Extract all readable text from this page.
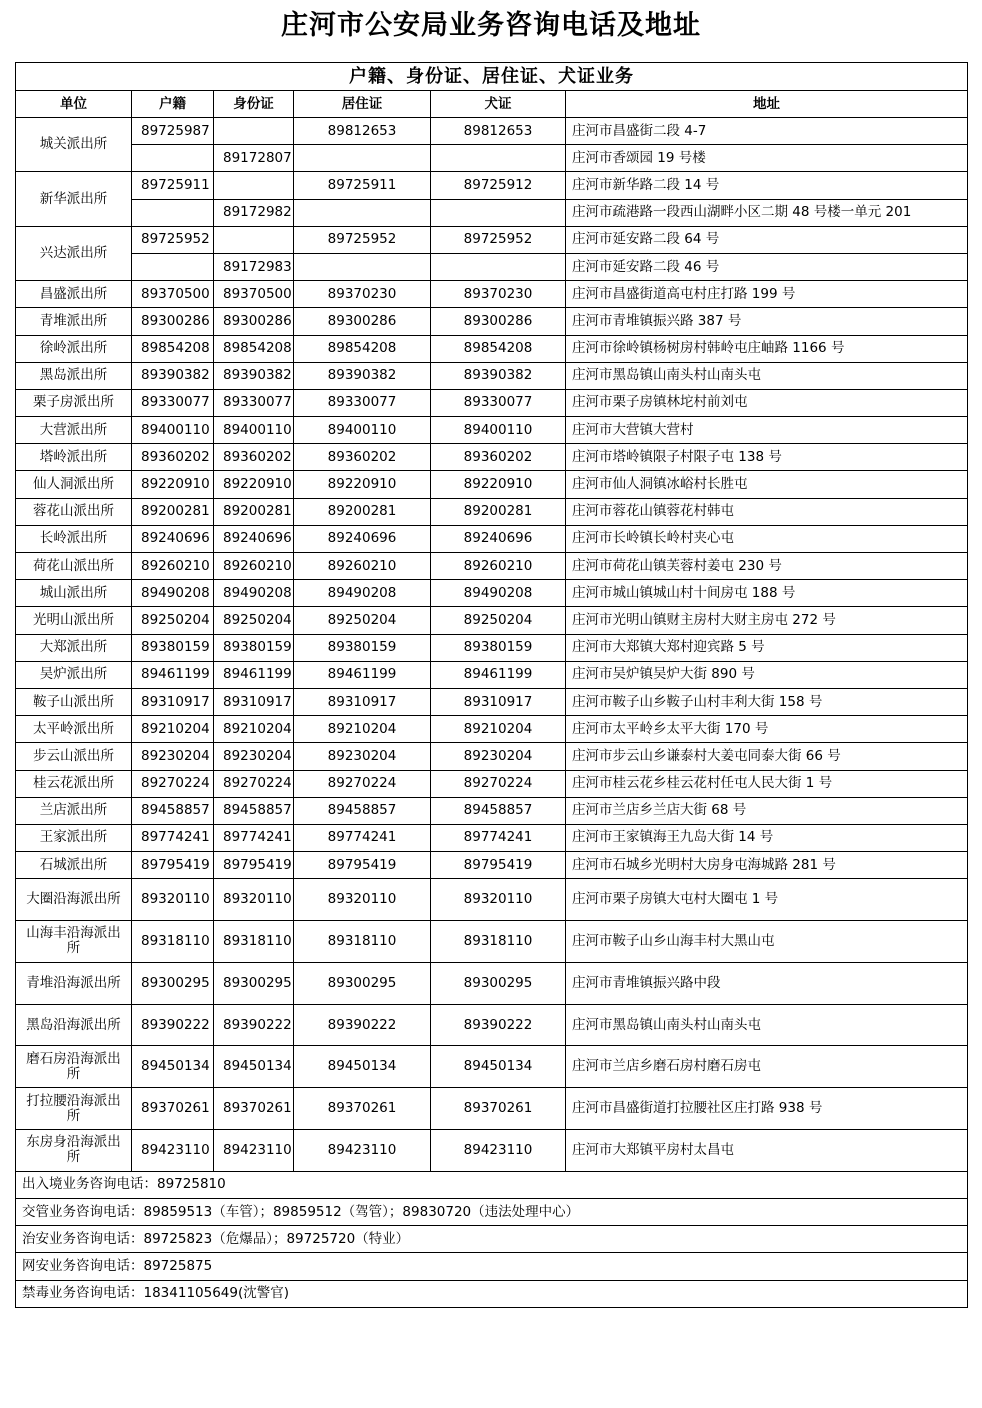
庄河市公安局业务咨询电话及地址
户籍、身份证、居住证、犬证业务					
单位	户籍	身份证	居住证	犬证	地址
城关派出所	89725987		89812653	89812653	庄河市昌盛街二段 4-7
		89172807			庄河市香颂园 19 号楼
新华派出所	89725911		89725911	89725912	庄河市新华路二段 14 号
		89172982			庄河市疏港路一段西山湖畔小区二期 48 号楼一单元 201
兴达派出所	89725952		89725952	89725952	庄河市延安路二段 64 号
		89172983			庄河市延安路二段 46 号
昌盛派出所	89370500	89370500	89370230	89370230	庄河市昌盛街道高屯村庄打路 199 号
青堆派出所	89300286	89300286	89300286	89300286	庄河市青堆镇振兴路 387 号
徐岭派出所	89854208	89854208	89854208	89854208	庄河市徐岭镇杨树房村韩岭屯庄岫路 1166 号
黑岛派出所	89390382	89390382	89390382	89390382	庄河市黑岛镇山南头村山南头屯
栗子房派出所	89330077	89330077	89330077	89330077	庄河市栗子房镇林坨村前刘屯
大营派出所	89400110	89400110	89400110	89400110	庄河市大营镇大营村
塔岭派出所	89360202	89360202	89360202	89360202	庄河市塔岭镇限子村限子屯 138 号
仙人洞派出所	89220910	89220910	89220910	89220910	庄河市仙人洞镇冰峪村长胜屯
蓉花山派出所	89200281	89200281	89200281	89200281	庄河市蓉花山镇蓉花村韩屯
长岭派出所	89240696	89240696	89240696	89240696	庄河市长岭镇长岭村夹心屯
荷花山派出所	89260210	89260210	89260210	89260210	庄河市荷花山镇芙蓉村姜屯 230 号
城山派出所	89490208	89490208	89490208	89490208	庄河市城山镇城山村十间房屯 188 号
光明山派出所	89250204	89250204	89250204	89250204	庄河市光明山镇财主房村大财主房屯 272 号
大郑派出所	89380159	89380159	89380159	89380159	庄河市大郑镇大郑村迎宾路 5 号
吴炉派出所	89461199	89461199	89461199	89461199	庄河市吴炉镇吴炉大街 890 号
鞍子山派出所	89310917	89310917	89310917	89310917	庄河市鞍子山乡鞍子山村丰利大街 158 号
太平岭派出所	89210204	89210204	89210204	89210204	庄河市太平岭乡太平大街 170 号
步云山派出所	89230204	89230204	89230204	89230204	庄河市步云山乡谦泰村大姜屯同泰大街 66 号
桂云花派出所	89270224	89270224	89270224	89270224	庄河市桂云花乡桂云花村任屯人民大街 1 号
兰店派出所	89458857	89458857	89458857	89458857	庄河市兰店乡兰店大街 68 号
王家派出所	89774241	89774241	89774241	89774241	庄河市王家镇海王九岛大街 14 号
石城派出所	89795419	89795419	89795419	89795419	庄河市石城乡光明村大房身屯海城路 281 号
大圈沿海派出所	89320110	89320110	89320110	89320110	庄河市栗子房镇大屯村大圈屯 1 号
山海丰沿海派出所	89318110	89318110	89318110	89318110	庄河市鞍子山乡山海丰村大黑山屯
青堆沿海派出所	89300295	89300295	89300295	89300295	庄河市青堆镇振兴路中段
黑岛沿海派出所	89390222	89390222	89390222	89390222	庄河市黑岛镇山南头村山南头屯
磨石房沿海派出所	89450134	89450134	89450134	89450134	庄河市兰店乡磨石房村磨石房屯
打拉腰沿海派出所	89370261	89370261	89370261	89370261	庄河市昌盛街道打拉腰社区庄打路 938 号
东房身沿海派出所	89423110	89423110	89423110	89423110	庄河市大郑镇平房村太昌屯
出入境业务咨询电话：89725810					
交管业务咨询电话：89859513（车管）；89859512（驾管）；89830720（违法处理中心）					
治安业务咨询电话：89725823（危爆品）；89725720（特业）					
网安业务咨询电话：89725875					
禁毒业务咨询电话：18341105649(沈警官)					
